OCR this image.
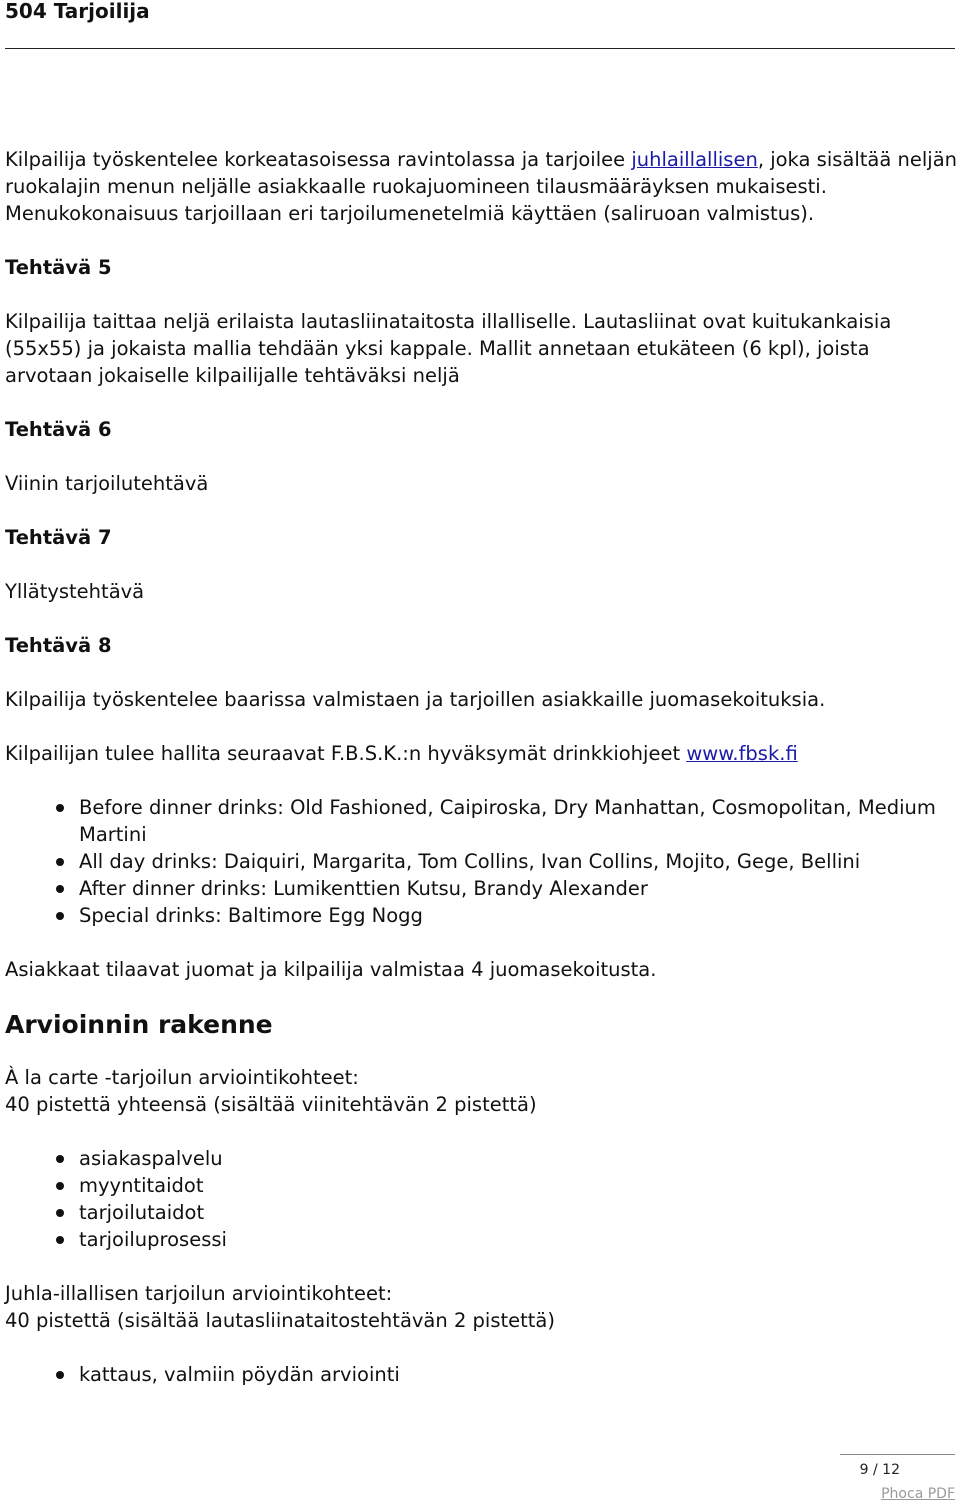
504 Tarjoilija

Kilpailija työskentelee korkeatasoisessa ravintolassa ja tarjoilee juhlaillallisen, joka sisältää neljän ruokalajin menun neljälle asiakkaalle ruokajuomineen tilausmääräyksen mukaisesti. Menukokonaisuus tarjoillaan eri tarjoilumenetelmiä käyttäen (saliruoan valmistus).

Tehtävä 5

Kilpailija taittaa neljä erilaista lautasliinataitosta illalliselle. Lautasliinat ovat kuitukankaisia (55x55) ja jokaista mallia tehdään yksi kappale. Mallit annetaan etukäteen (6 kpl), joista arvotaan jokaiselle kilpailijalle tehtäväksi neljä

Tehtävä 6

Viinin tarjoilutehtävä

Tehtävä 7

Yllätystehtävä

Tehtävä 8

Kilpailija työskentelee baarissa valmistaen ja tarjoillen asiakkaille juomasekoituksia.

Kilpailijan tulee hallita seuraavat F.B.S.K.:n hyväksymät drinkkiohjeet www.fbsk.fi

Before dinner drinks: Old Fashioned, Caipiroska, Dry Manhattan, Cosmopolitan, Medium Martini
All day drinks: Daiquiri, Margarita, Tom Collins, Ivan Collins, Mojito, Gege, Bellini
After dinner drinks: Lumikenttien Kutsu, Brandy Alexander
Special drinks: Baltimore Egg Nogg

Asiakkaat tilaavat juomat ja kilpailija valmistaa 4 juomasekoitusta.

Arvioinnin rakenne

À la carte -tarjoilun arviointikohteet:

40 pistettä yhteensä (sisältää viinitehtävän 2 pistettä)

asiakaspalvelu
myyntitaidot
tarjoilutaidot
tarjoiluprosessi

Juhla-illallisen tarjoilun arviointikohteet:

40 pistettä (sisältää lautasliinataitostehtävän 2 pistettä)

kattaus, valmiin pöydän arviointi
9 / 12
Phoca PDF
